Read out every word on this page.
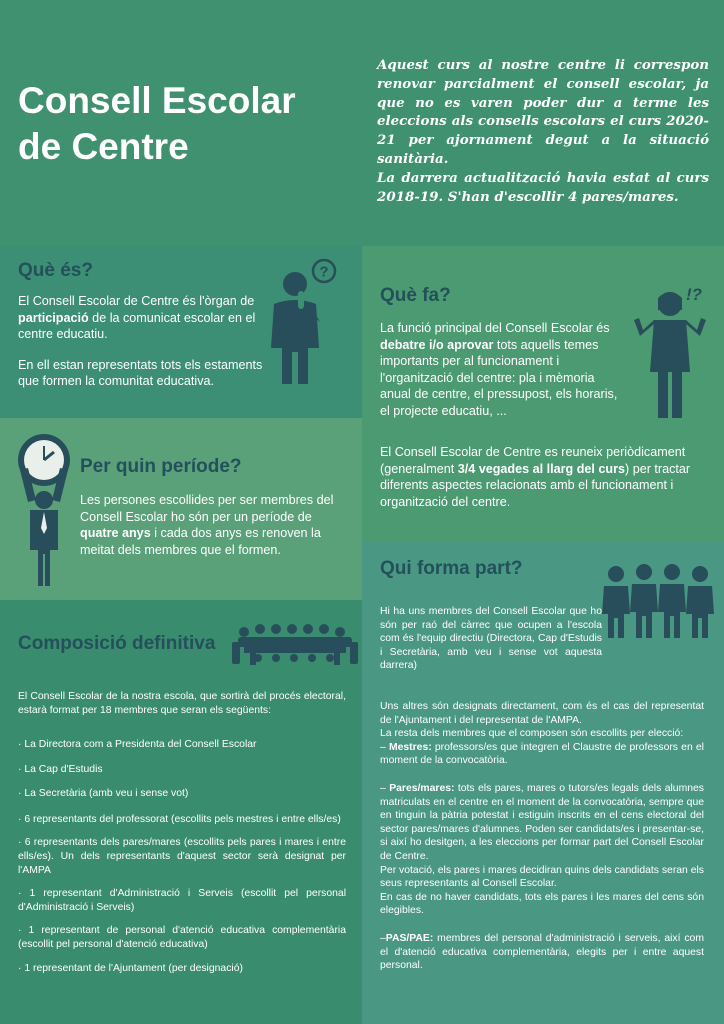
Consell Escolar
de Centre

Aquest curs al nostre centre li correspon renovar parcialment el consell escolar, ja que no es varen poder dur a terme les eleccions als consells escolars el curs 2020-21 per ajornament degut a la situació sanitària.

La darrera actualització havia estat al curs 2018-19. S'han d'escollir 4 pares/mares.

Què és?

El Consell Escolar de Centre és l'òrgan de participació de la comunicat escolar en el centre educatiu.

En ell estan representats tots els estaments que formen la comunitat educativa.

?
Què fa?

La funció principal del Consell Escolar és debatre i/o aprovar tots aquells temes importants per al funcionament i l'organització del centre: pla i mèmoria anual de centre, el pressupost, els horaris, el projecte educatiu, ...

El Consell Escolar de Centre es reuneix periòdicament (generalment 3/4 vegades al llarg del curs) per tractar diferents aspectes relacionats amb el funcionament i organització del centre.

!?
Per quin període?

Les persones escollides per ser membres del Consell Escolar ho són per un període de quatre anys i cada dos anys es renoven la meitat dels membres que el formen.

Composició definitiva
El Consell Escolar de la nostra escola, que sortirà del procés electoral, estarà format per 18 membres que seran els següents:

· La Directora com a Presidenta del Consell Escolar

· La Cap d'Estudis

· La Secretària (amb veu i sense vot)

· 6 representants del professorat (escollits pels mestres i entre ells/es)

· 6 representants dels pares/mares (escollits pels pares i mares i entre ells/es). Un dels representants d'aquest sector serà designat per l'AMPA

· 1 representant d'Administració i Serveis (escollit pel personal d'Administració i Serveis)

· 1 representant de personal d'atenció educativa complementària (escollit pel personal d'atenció educativa)

· 1 representant de l'Ajuntament (per designació)

Qui forma part?
Hi ha uns membres del Consell Escolar que ho són per raó del càrrec que ocupen a l'escola com és l'equip directiu (Directora, Cap d'Estudis i Secretària, amb veu i sense vot aquesta darrera)
Uns altres són designats directament, com és el cas del representat de l'Ajuntament i del representat de l'AMPA.
La resta dels membres que el composen són escollits per elecció:
– Mestres: professors/es que integren el Claustre de professors en el moment de la convocatòria.
– Pares/mares: tots els pares, mares o tutors/es legals dels alumnes matriculats en el centre en el moment de la convocatòria, sempre que en tinguin la pàtria potestat i estiguin inscrits en el cens electoral del sector pares/mares d'alumnes. Poden ser candidats/es i presentar-se, si així ho desitgen, a les eleccions per formar part del Consell Escolar de Centre.
Per votació, els pares i mares decidiran quins dels candidats seran els seus representants al Consell Escolar.
En cas de no haver candidats, tots els pares i les mares del cens són elegibles.
–PAS/PAE: membres del personal d'administració i serveis, així com el d'atenció educativa complementària, elegits per i entre aquest personal.
